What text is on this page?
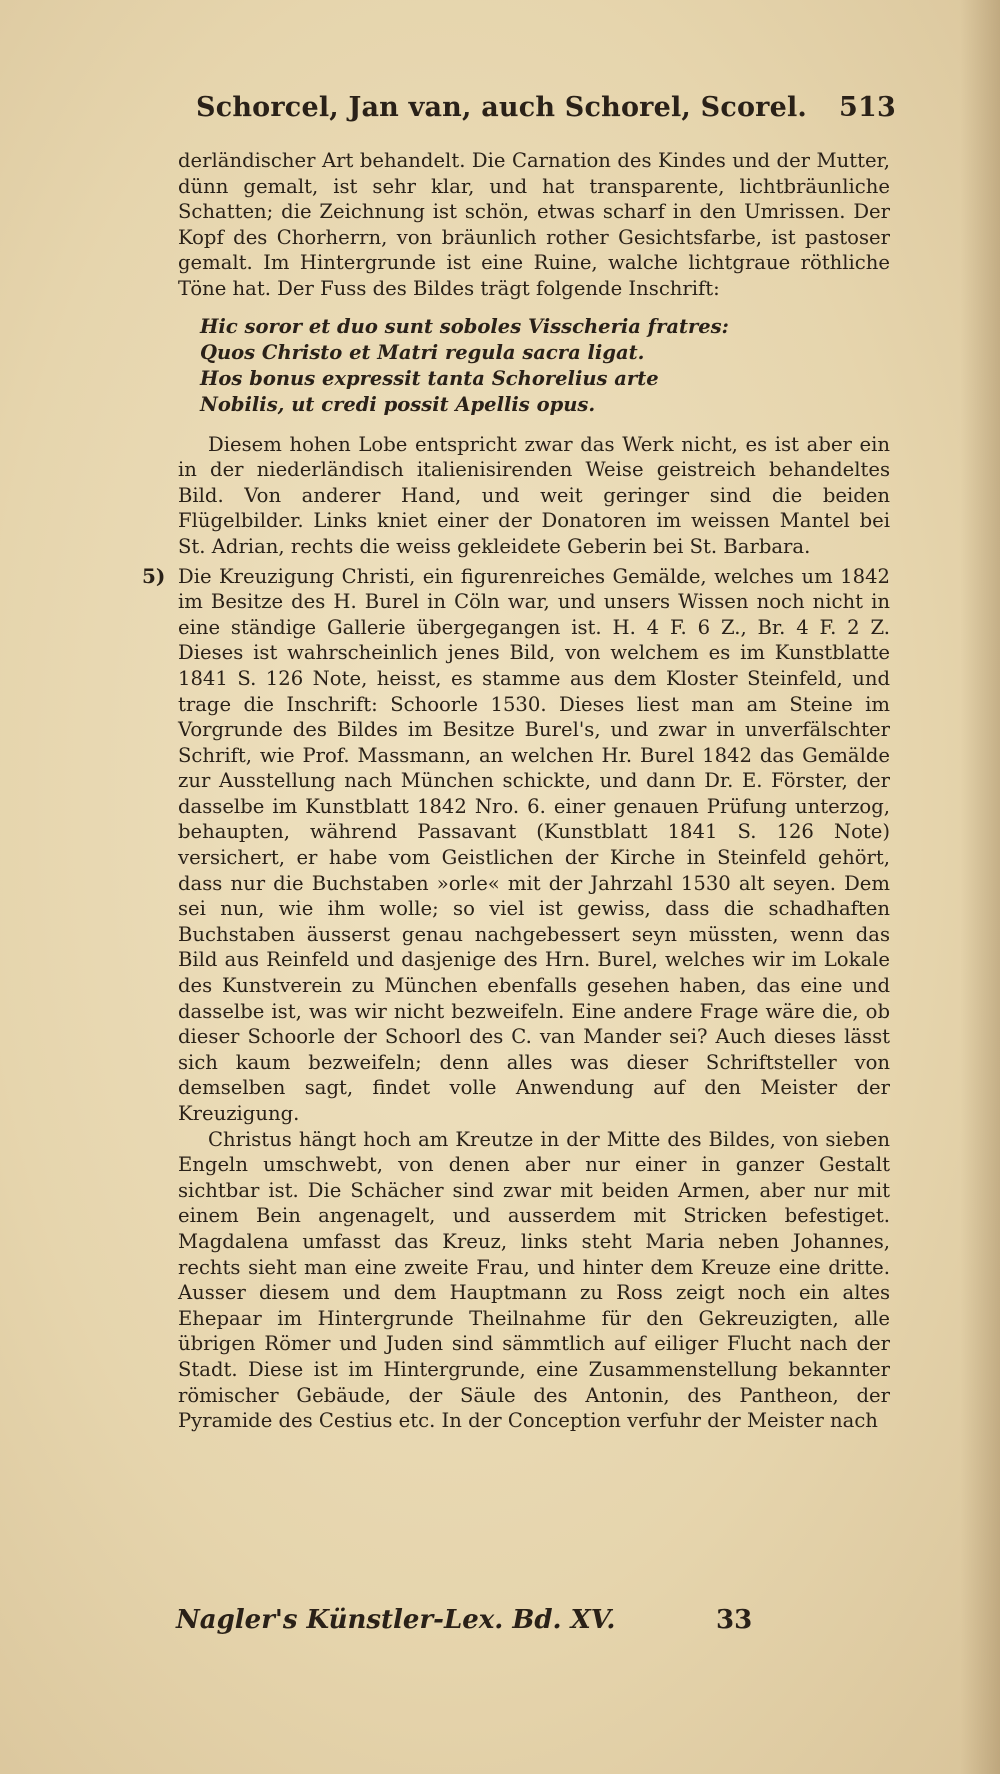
Schorcel, Jan van, auch Schorel, Scorel. 513

derländischer Art behandelt. Die Carnation des Kindes und der Mutter, dünn gemalt, ist sehr klar, und hat transparente, lichtbräunliche Schatten; die Zeichnung ist schön, etwas scharf in den Umrissen. Der Kopf des Chorherrn, von bräunlich rother Gesichtsfarbe, ist pastoser gemalt. Im Hintergrunde ist eine Ruine, walche lichtgraue röthliche Töne hat. Der Fuss des Bildes trägt folgende Inschrift:

Hic soror et duo sunt soboles Visscheria fratres:
Quos Christo et Matri regula sacra ligat.
Hos bonus expressit tanta Schorelius arte
Nobilis, ut credi possit Apellis opus.

Diesem hohen Lobe entspricht zwar das Werk nicht, es ist aber ein in der niederländisch italienisirenden Weise geistreich behandeltes Bild. Von anderer Hand, und weit geringer sind die beiden Flügelbilder. Links kniet einer der Donatoren im weissen Mantel bei St. Adrian, rechts die weiss gekleidete Geberin bei St. Barbara.

5) Die Kreuzigung Christi, ein figurenreiches Gemälde, welches um 1842 im Besitze des H. Burel in Cöln war, und unsers Wissen noch nicht in eine ständige Gallerie übergegangen ist. H. 4 F. 6 Z., Br. 4 F. 2 Z. Dieses ist wahrscheinlich jenes Bild, von welchem es im Kunstblatte 1841 S. 126 Note, heisst, es stamme aus dem Kloster Steinfeld, und trage die Inschrift: Schoorle 1530. Dieses liest man am Steine im Vorgrunde des Bildes im Besitze Burel's, und zwar in unverfälschter Schrift, wie Prof. Massmann, an welchen Hr. Burel 1842 das Gemälde zur Ausstellung nach München schickte, und dann Dr. E. Förster, der dasselbe im Kunstblatt 1842 Nro. 6. einer genauen Prüfung unterzog, behaupten, während Passavant (Kunstblatt 1841 S. 126 Note) versichert, er habe vom Geistlichen der Kirche in Steinfeld gehört, dass nur die Buchstaben »orle« mit der Jahrzahl 1530 alt seyen. Dem sei nun, wie ihm wolle; so viel ist gewiss, dass die schadhaften Buchstaben äusserst genau nachgebessert seyn müssten, wenn das Bild aus Reinfeld und dasjenige des Hrn. Burel, welches wir im Lokale des Kunstverein zu München ebenfalls gesehen haben, das eine und dasselbe ist, was wir nicht bezweifeln. Eine andere Frage wäre die, ob dieser Schoorle der Schoorl des C. van Mander sei? Auch dieses lässt sich kaum bezweifeln; denn alles was dieser Schriftsteller von demselben sagt, findet volle Anwendung auf den Meister der Kreuzigung.

Christus hängt hoch am Kreutze in der Mitte des Bildes, von sieben Engeln umschwebt, von denen aber nur einer in ganzer Gestalt sichtbar ist. Die Schächer sind zwar mit beiden Armen, aber nur mit einem Bein angenagelt, und ausserdem mit Stricken befestiget. Magdalena umfasst das Kreuz, links steht Maria neben Johannes, rechts sieht man eine zweite Frau, und hinter dem Kreuze eine dritte. Ausser diesem und dem Hauptmann zu Ross zeigt noch ein altes Ehepaar im Hintergrunde Theilnahme für den Gekreuzigten, alle übrigen Römer und Juden sind sämmtlich auf eiliger Flucht nach der Stadt. Diese ist im Hintergrunde, eine Zusammenstellung bekannter römischer Gebäude, der Säule des Antonin, des Pantheon, der Pyramide des Cestius etc. In der Conception verfuhr der Meister nach

Nagler's Künstler-Lex. Bd. XV.	33
